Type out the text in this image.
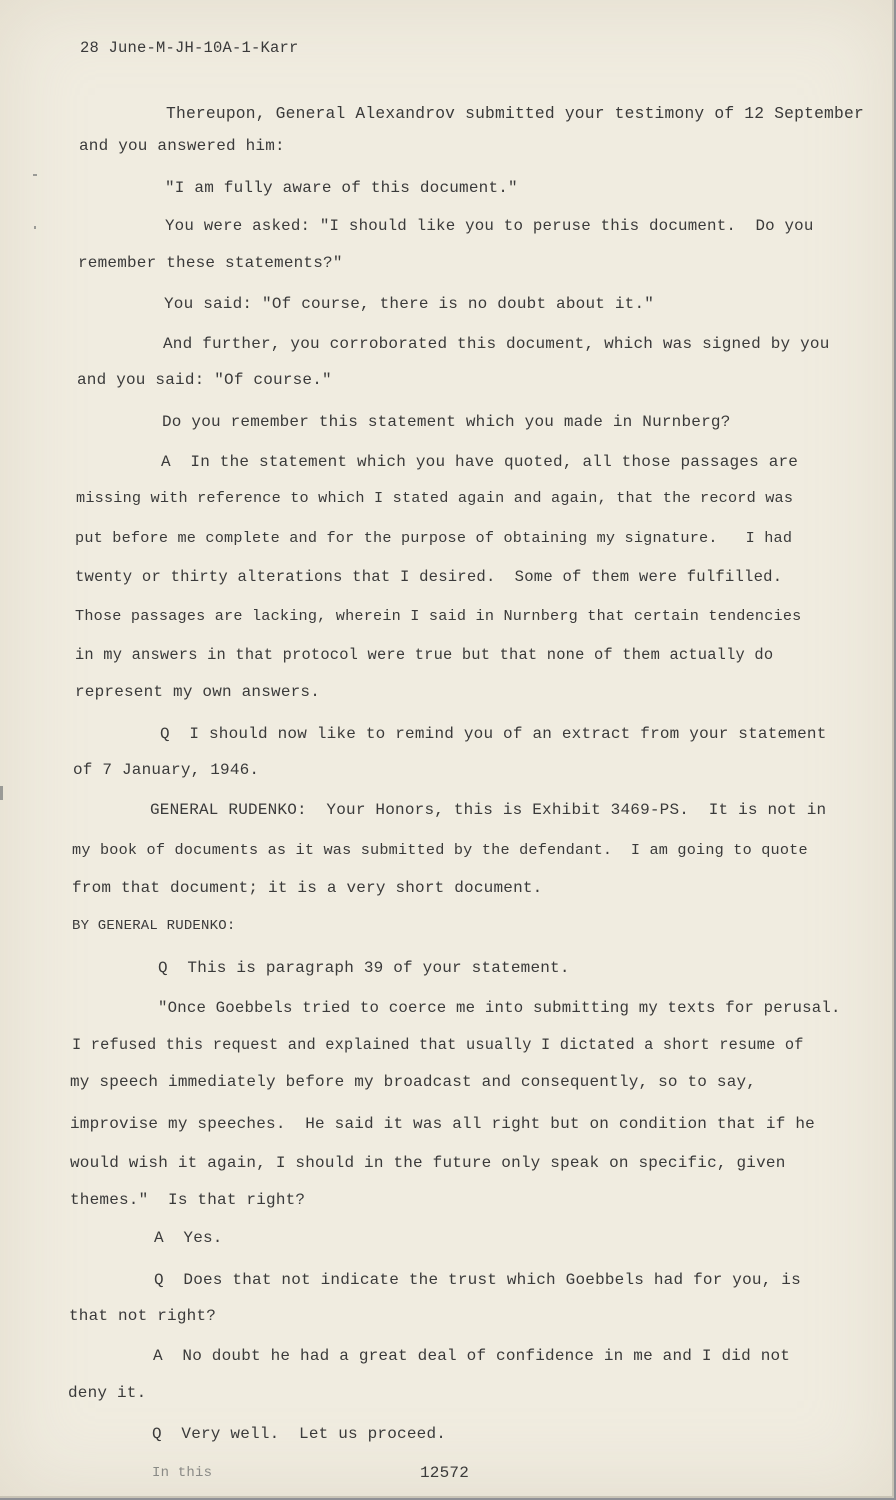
28 June-M-JH-10A-1-Karr
Thereupon, General Alexandrov submitted your testimony of 12 September
and you answered him:
"I am fully aware of this document."
You were asked: "I should like you to peruse this document.  Do you
remember these statements?"
You said: "Of course, there is no doubt about it."
And further, you corroborated this document, which was signed by you
and you said: "Of course."
Do you remember this statement which you made in Nurnberg?
A  In the statement which you have quoted, all those passages are
missing with reference to which I stated again and again, that the record was
put before me complete and for the purpose of obtaining my signature.   I had
twenty or thirty alterations that I desired.  Some of them were fulfilled.
Those passages are lacking, wherein I said in Nurnberg that certain tendencies
in my answers in that protocol were true but that none of them actually do
represent my own answers.
Q  I should now like to remind you of an extract from your statement
of 7 January, 1946.
GENERAL RUDENKO:  Your Honors, this is Exhibit 3469-PS.  It is not in
my book of documents as it was submitted by the defendant.  I am going to quote
from that document; it is a very short document.
BY GENERAL RUDENKO:
Q  This is paragraph 39 of your statement.
"Once Goebbels tried to coerce me into submitting my texts for perusal.
I refused this request and explained that usually I dictated a short resume of
my speech immediately before my broadcast and consequently, so to say,
improvise my speeches.  He said it was all right but on condition that if he
would wish it again, I should in the future only speak on specific, given
themes."  Is that right?
A  Yes.
Q  Does that not indicate the trust which Goebbels had for you, is
that not right?
A  No doubt he had a great deal of confidence in me and I did not
deny it.
Q  Very well.  Let us proceed.
In this	12572
